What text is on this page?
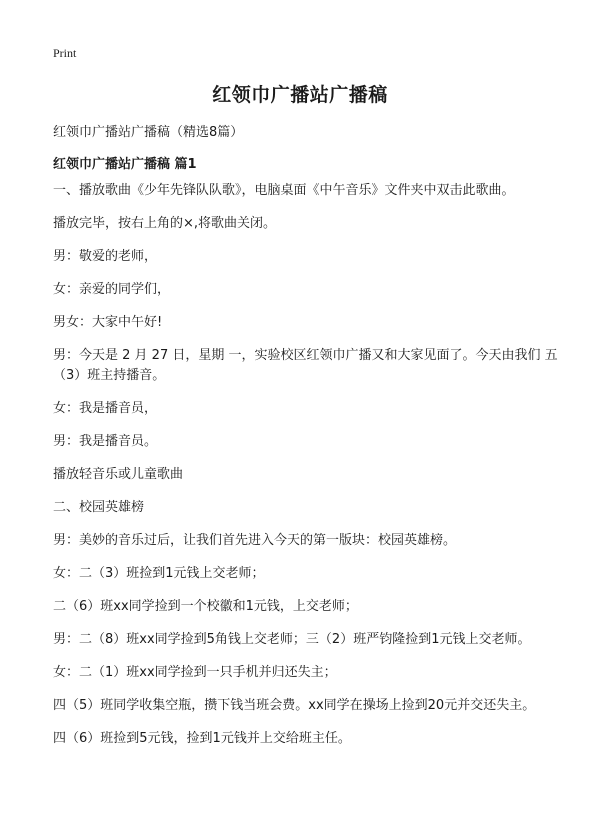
Print
红领巾广播站广播稿

红领巾广播站广播稿（精选8篇）

红领巾广播站广播稿 篇1

一、播放歌曲《少年先锋队队歌》，电脑桌面《中午音乐》文件夹中双击此歌曲。

播放完毕，按右上角的×,将歌曲关闭。

男：敬爱的老师，

女：亲爱的同学们，

男女：大家中午好!

男：今天是 2 月 27 日，星期 一，实验校区红领巾广播又和大家见面了。今天由我们 五（3）班主持播音。

女：我是播音员，

男：我是播音员。

播放轻音乐或儿童歌曲

二、校园英雄榜

男：美妙的音乐过后，让我们首先进入今天的第一版块：校园英雄榜。

女：二（3）班捡到1元钱上交老师；

二（6）班xx同学捡到一个校徽和1元钱，上交老师；

男：二（8）班xx同学捡到5角钱上交老师；三（2）班严钧隆捡到1元钱上交老师。

女：二（1）班xx同学捡到一只手机并归还失主；

四（5）班同学收集空瓶，攒下钱当班会费。xx同学在操场上捡到20元并交还失主。

四（6）班捡到5元钱，捡到1元钱并上交给班主任。
